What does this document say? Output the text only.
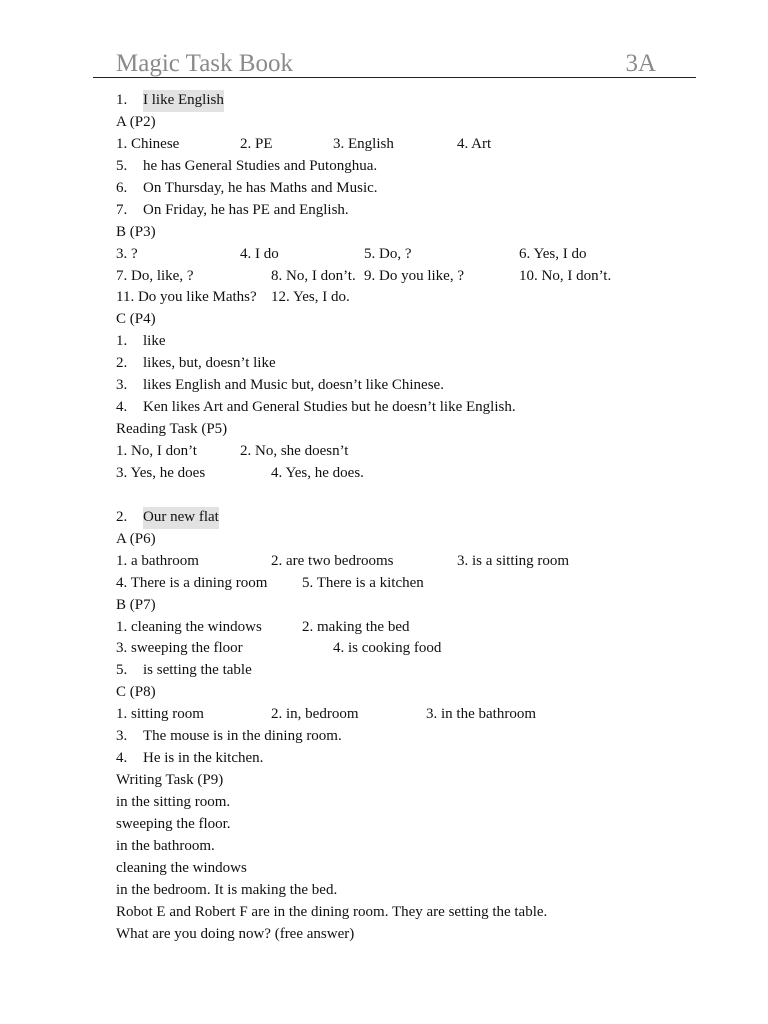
Magic Task Book	3A
1. I like English
A (P2)
1. Chinese	2. PE	3. English	4. Art
5. he has General Studies and Putonghua.
6. On Thursday, he has Maths and Music.
7. On Friday, he has PE and English.
B (P3)
3. ?	4. I do	5. Do, ?	6. Yes, I do
7. Do, like, ?	8. No, I don’t. 9. Do you like, ?	10. No, I don’t.
11. Do you like Maths? 12. Yes, I do.
C (P4)
1. like
2. likes, but, doesn’t like
3. likes English and Music but, doesn’t like Chinese.
4. Ken likes Art and General Studies but he doesn’t like English.
Reading Task (P5)
1. No, I don’t	2. No, she doesn’t
3. Yes, he does	4. Yes, he does.
2. Our new flat
A (P6)
1. a bathroom	2. are two bedrooms	3. is a sitting room
4. There is a dining room 5. There is a kitchen
B (P7)
1. cleaning the windows	2. making the bed
3. sweeping the floor	4. is cooking food
5. is setting the table
C (P8)
1. sitting room	2. in, bedroom	3. in the bathroom
3. The mouse is in the dining room.
4. He is in the kitchen.
Writing Task (P9)
in the sitting room.
sweeping the floor.
in the bathroom.
cleaning the windows
in the bedroom. It is making the bed.
Robot E and Robert F are in the dining room. They are setting the table.
What are you doing now? (free answer)
